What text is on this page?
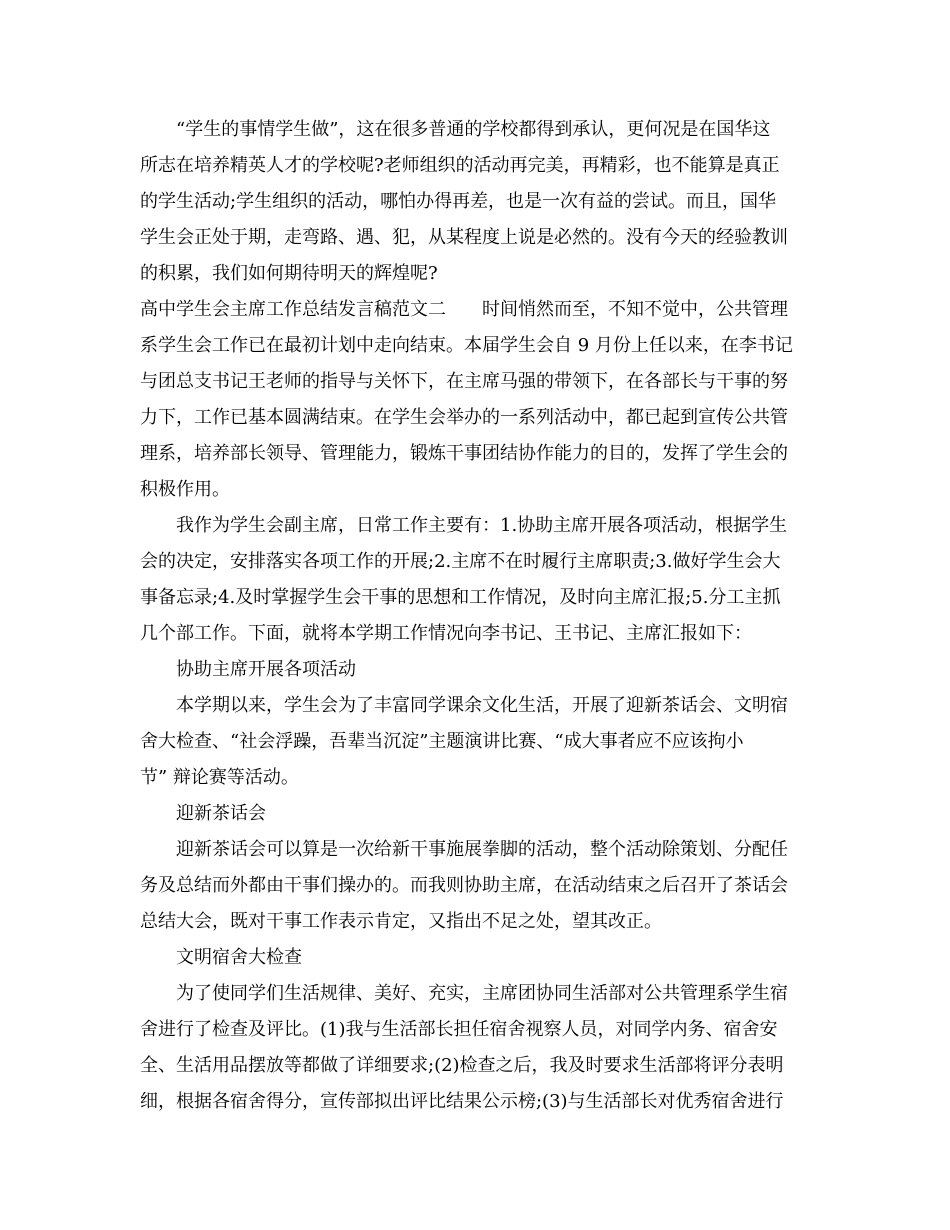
“学生的事情学生做”，这在很多普通的学校都得到承认，更何况是在国华这
所志在培养精英人才的学校呢?老师组织的活动再完美，再精彩，也不能算是真正
的学生活动;学生组织的活动，哪怕办得再差，也是一次有益的尝试。而且，国华
学生会正处于期，走弯路、遇、犯，从某程度上说是必然的。没有今天的经验教训
的积累，我们如何期待明天的辉煌呢?
高中学生会主席工作总结发言稿范文二　　时间悄然而至，不知不觉中，公共管理
系学生会工作已在最初计划中走向结束。本届学生会自 9 月份上任以来，在李书记
与团总支书记王老师的指导与关怀下，在主席马强的带领下，在各部长与干事的努
力下，工作已基本圆满结束。在学生会举办的一系列活动中，都已起到宣传公共管
理系，培养部长领导、管理能力，锻炼干事团结协作能力的目的，发挥了学生会的
积极作用。
我作为学生会副主席，日常工作主要有：1.协助主席开展各项活动，根据学生
会的决定，安排落实各项工作的开展;2.主席不在时履行主席职责;3.做好学生会大
事备忘录;4.及时掌握学生会干事的思想和工作情况，及时向主席汇报;5.分工主抓
几个部工作。下面，就将本学期工作情况向李书记、王书记、主席汇报如下：
协助主席开展各项活动
本学期以来，学生会为了丰富同学课余文化生活，开展了迎新茶话会、文明宿
舍大检查、“社会浮躁，吾辈当沉淀”主题演讲比赛、“成大事者应不应该拘小
节” 辩论赛等活动。
迎新茶话会
迎新茶话会可以算是一次给新干事施展拳脚的活动，整个活动除策划、分配任
务及总结而外都由干事们操办的。而我则协助主席，在活动结束之后召开了茶话会
总结大会，既对干事工作表示肯定，又指出不足之处，望其改正。
文明宿舍大检查
为了使同学们生活规律、美好、充实，主席团协同生活部对公共管理系学生宿
舍进行了检查及评比。(1)我与生活部长担任宿舍视察人员，对同学内务、宿舍安
全、生活用品摆放等都做了详细要求;(2)检查之后，我及时要求生活部将评分表明
细，根据各宿舍得分，宣传部拟出评比结果公示榜;(3)与生活部长对优秀宿舍进行
